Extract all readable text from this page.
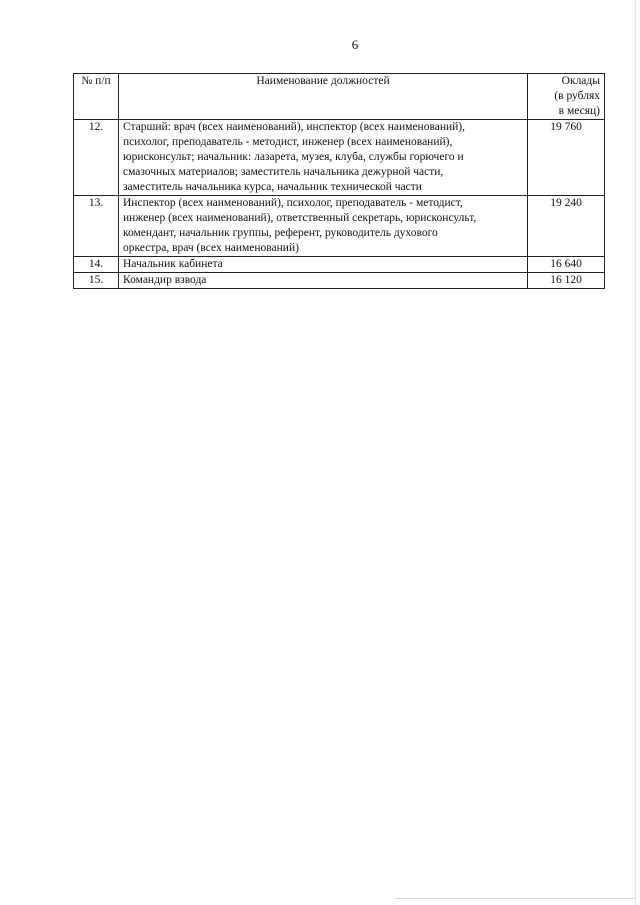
6
№ п/п	Наименование должностей	Оклады
(в рублях
в месяц)

12.	Старший: врач (всех наименований), инспектор (всех наименований),
психолог, преподаватель - методист, инженер (всех наименований),
юрисконсульт; начальник: лазарета, музея, клуба, службы горючего и
смазочных материалов; заместитель начальника дежурной части,
заместитель начальника курса, начальник технической части	19 760
13.	Инспектор (всех наименований), психолог, преподаватель - методист,
инженер (всех наименований), ответственный секретарь, юрисконсульт,
комендант, начальник группы, референт, руководитель духового
оркестра, врач (всех наименований)	19 240
14.	Начальник кабинета	16 640
15.	Командир взвода	16 120
